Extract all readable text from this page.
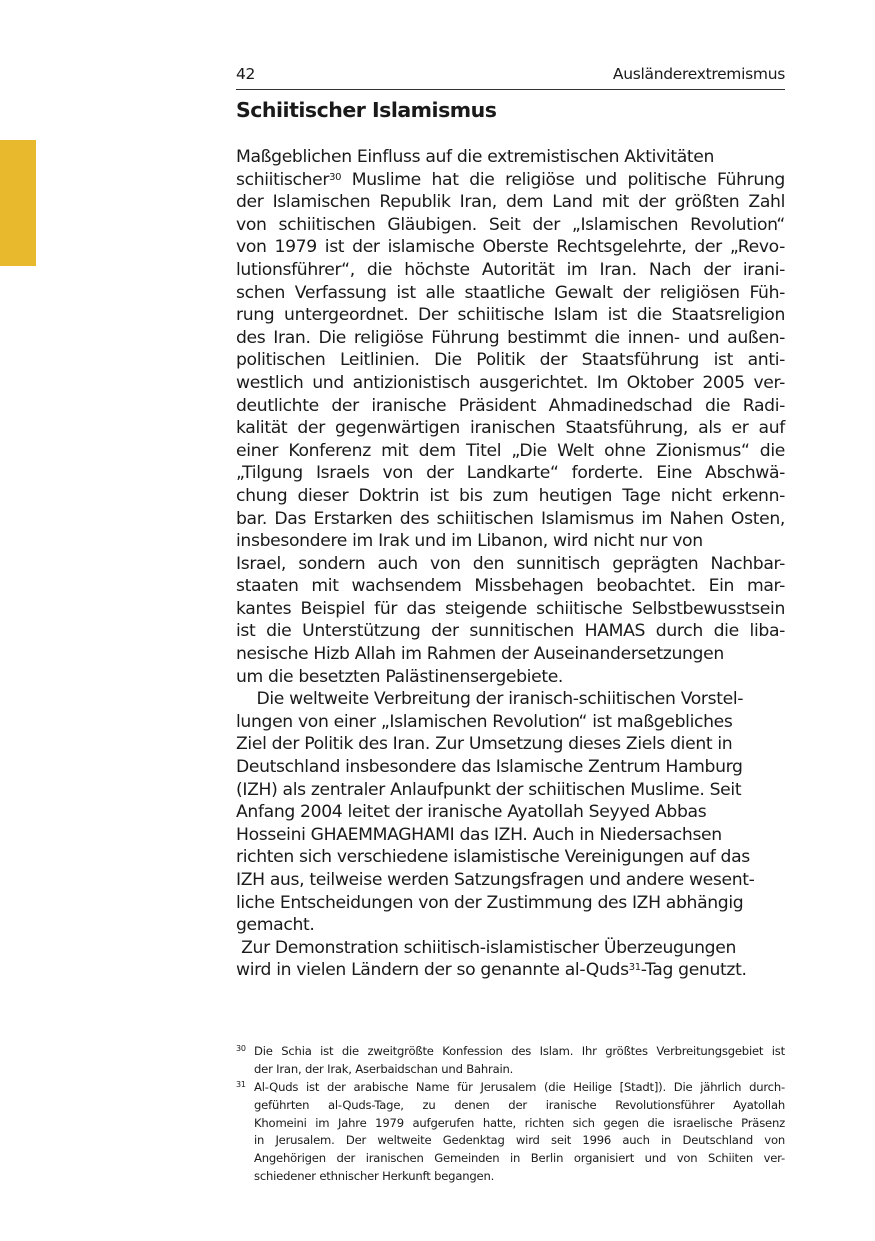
42	Ausländerextremismus
Schiitischer Islamismus
Maßgeblichen Einfluss auf die extremistischen Aktivitäten
schiitischer$^{30}$ Muslime hat die religiöse und politische Führung
der Islamischen Republik Iran, dem Land mit der größten Zahl
von schiitischen Gläubigen. Seit der „Islamischen Revolution“
von 1979 ist der islamische Oberste Rechtsgelehrte, der „Revo-
lutionsführer“, die höchste Autorität im Iran. Nach der irani-
schen Verfassung ist alle staatliche Gewalt der religiösen Füh-
rung untergeordnet. Der schiitische Islam ist die Staatsreligion
des Iran. Die religiöse Führung bestimmt die innen- und außen-
politischen Leitlinien. Die Politik der Staatsführung ist anti-
westlich und antizionistisch ausgerichtet. Im Oktober 2005 ver-
deutlichte der iranische Präsident Ahmadinedschad die Radi-
kalität der gegenwärtigen iranischen Staatsführung, als er auf
einer Konferenz mit dem Titel „Die Welt ohne Zionismus“ die
„Tilgung Israels von der Landkarte“ forderte. Eine Abschwä-
chung dieser Doktrin ist bis zum heutigen Tage nicht erkenn-
bar. Das Erstarken des schiitischen Islamismus im Nahen Osten,
insbesondere im Irak und im Libanon, wird nicht nur von
Israel, sondern auch von den sunnitisch geprägten Nachbar-
staaten mit wachsendem Missbehagen beobachtet. Ein mar-
kantes Beispiel für das steigende schiitische Selbstbewusstsein
ist die Unterstützung der sunnitischen HAMAS durch die liba-
nesische Hizb Allah im Rahmen der Auseinandersetzungen
um die besetzten Palästinensergebiete.
Die weltweite Verbreitung der iranisch-schiitischen Vorstel-
lungen von einer „Islamischen Revolution“ ist maßgebliches
Ziel der Politik des Iran. Zur Umsetzung dieses Ziels dient in
Deutschland insbesondere das Islamische Zentrum Hamburg
(IZH) als zentraler Anlaufpunkt der schiitischen Muslime. Seit
Anfang 2004 leitet der iranische Ayatollah Seyyed Abbas
Hosseini GHAEMMAGHAMI das IZH. Auch in Niedersachsen
richten sich verschiedene islamistische Vereinigungen auf das
IZH aus, teilweise werden Satzungsfragen und andere wesent-
liche Entscheidungen von der Zustimmung des IZH abhängig
gemacht.
Zur Demonstration schiitisch-islamistischer Überzeugungen
wird in vielen Ländern der so genannte al-Quds$^{31}$-Tag genutzt.
30 Die Schia ist die zweitgrößte Konfession des Islam. Ihr größtes Verbreitungsgebiet ist
der Iran, der Irak, Aserbaidschan und Bahrain.
31 Al-Quds ist der arabische Name für Jerusalem (die Heilige [Stadt]). Die jährlich durch-
geführten al-Quds-Tage, zu denen der iranische Revolutionsführer Ayatollah
Khomeini im Jahre 1979 aufgerufen hatte, richten sich gegen die israelische Präsenz
in Jerusalem. Der weltweite Gedenktag wird seit 1996 auch in Deutschland von
Angehörigen der iranischen Gemeinden in Berlin organisiert und von Schiiten ver-
schiedener ethnischer Herkunft begangen.
